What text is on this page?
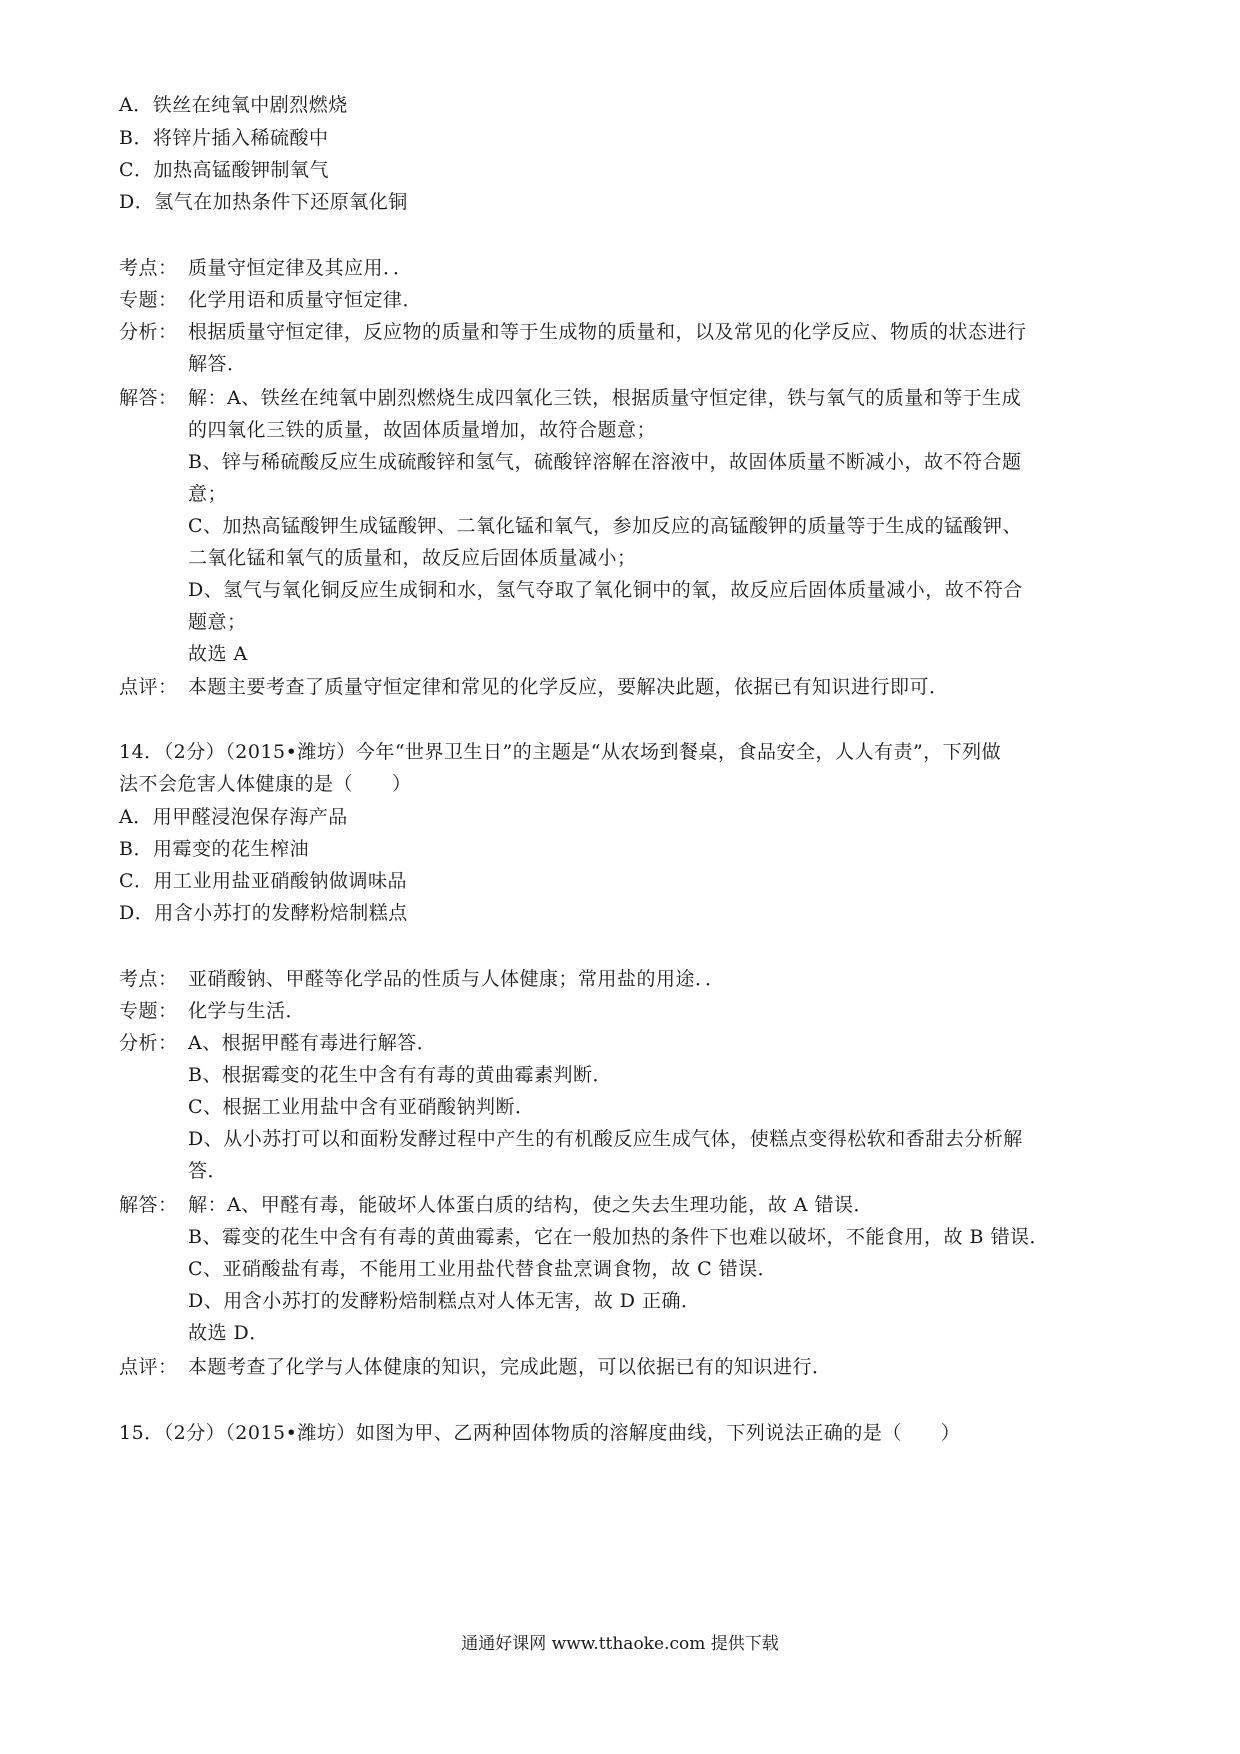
A．铁丝在纯氧中剧烈燃烧
B．将锌片插入稀硫酸中
C．加热高锰酸钾制氧气
D．氢气在加热条件下还原氧化铜
考点： 质量守恒定律及其应用．．
专题： 化学用语和质量守恒定律．
分析： 根据质量守恒定律，反应物的质量和等于生成物的质量和，以及常见的化学反应、物质的状态进行
解答．
解答： 解：A、铁丝在纯氧中剧烈燃烧生成四氧化三铁，根据质量守恒定律，铁与氧气的质量和等于生成
的四氧化三铁的质量，故固体质量增加，故符合题意；
B、锌与稀硫酸反应生成硫酸锌和氢气，硫酸锌溶解在溶液中，故固体质量不断减小，故不符合题
意；
C、加热高锰酸钾生成锰酸钾、二氧化锰和氧气，参加反应的高锰酸钾的质量等于生成的锰酸钾、
二氧化锰和氧气的质量和，故反应后固体质量减小；
D、氢气与氧化铜反应生成铜和水，氢气夺取了氧化铜中的氧，故反应后固体质量减小，故不符合
题意；
故选 A
点评： 本题主要考查了质量守恒定律和常见的化学反应，要解决此题，依据已有知识进行即可．
14．（2分）（2015•潍坊）今年“世界卫生日”的主题是“从农场到餐桌，食品安全，人人有责”，下列做
法不会危害人体健康的是（　　）
A．用甲醛浸泡保存海产品
B．用霉变的花生榨油
C．用工业用盐亚硝酸钠做调味品
D．用含小苏打的发酵粉焙制糕点
考点： 亚硝酸钠、甲醛等化学品的性质与人体健康；常用盐的用途．．
专题： 化学与生活．
分析： A、根据甲醛有毒进行解答．
B、根据霉变的花生中含有有毒的黄曲霉素判断．
C、根据工业用盐中含有亚硝酸钠判断．
D、从小苏打可以和面粉发酵过程中产生的有机酸反应生成气体，使糕点变得松软和香甜去分析解
答．
解答： 解：A、甲醛有毒，能破坏人体蛋白质的结构，使之失去生理功能，故 A 错误．
B、霉变的花生中含有有毒的黄曲霉素，它在一般加热的条件下也难以破坏，不能食用，故 B 错误．
C、亚硝酸盐有毒，不能用工业用盐代替食盐烹调食物，故 C 错误．
D、用含小苏打的发酵粉焙制糕点对人体无害，故 D 正确．
故选 D．
点评： 本题考查了化学与人体健康的知识，完成此题，可以依据已有的知识进行．
15．（2分）（2015•潍坊）如图为甲、乙两种固体物质的溶解度曲线，下列说法正确的是（　　）
通通好课网 www.tthaoke.com 提供下载
